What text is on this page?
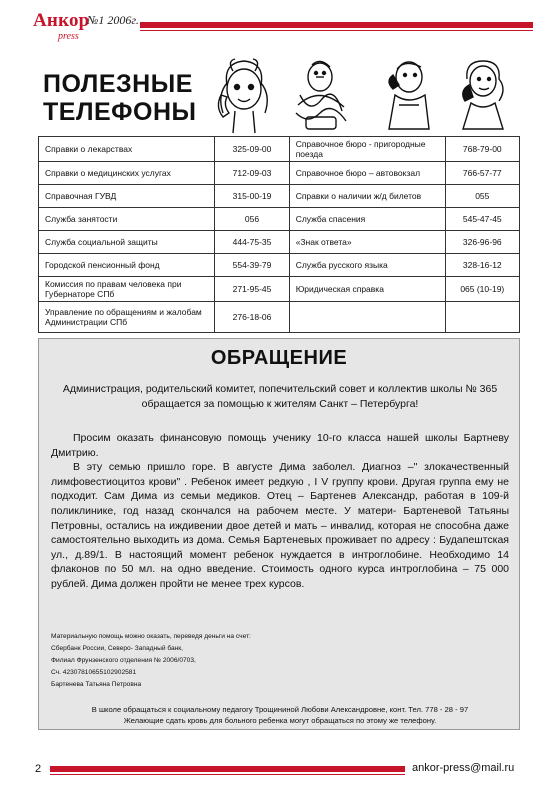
Анкор
press
№1 2006г.
ПОЛЕЗНЫЕ
ТЕЛЕФОНЫ
Справки о лекарствах	325-09-00	Справочное бюро - пригородные поезда	768-79-00
Справки о медицинских услугах	712-09-03	Справочное бюро – автовокзал	766-57-77
Справочная ГУВД	315-00-19	Справки о наличии ж/д билетов	055
Служба занятости	056	Служба спасения	545-47-45
Служба социальной защиты	444-75-35	«Знак ответа»	326-96-96
Городской пенсионный фонд	554-39-79	Служба русского языка	328-16-12
Комиссия по правам человека при Губернаторе СПб	271-95-45	Юридическая справка	065 (10-19)
Управление по обращениям и жалобам Администрации СПб	276-18-06		
ОБРАЩЕНИЕ
Администрация, родительский комитет, попечительский совет и коллектив школы № 365 обращается за помощью к жителям Санкт – Петербурга!

Просим оказать финансовую помощь ученику 10-го класса нашей школы Бартневу Дмитрию.

В эту семью пришло горе. В августе Дима заболел. Диагноз –" злокачественный лимфовестиоцитоз крови" . Ребенок имеет редкую , I V группу крови. Другая группа ему не подходит. Сам Дима из семьи медиков. Отец – Бартенев Александр, работая в 109-й поликлинике, год назад скончался на рабочем месте. У матери- Бартеневой Татьяны Петровны, остались на иждивении двое детей и мать – инвалид, которая не способна даже самостоятельно выходить из дома. Семья Бартеневых проживает по адресу : Будапештская ул., д.89/1. В настоящий момент ребенок нуждается в интроглобине. Необходимо 14 флаконов по 50 мл. на одно введение. Стоимость одного курса интроглобина – 75 000 рублей. Дима должен пройти не менее трех курсов.

Материальную помощь можно оказать, переведя деньги на счет:
Сбербанк России, Северо- Западный банк,
Филиал Фрунзенского отделения № 2006/0703,
Сч. 42307810655102902581
Бартенева Татьяна Петровна
В школе обращаться к социальному педагогу Трощининой Любови Александровне, конт. Тел. 778 - 28 - 97
Желающие сдать кровь для больного ребенка могут обращаться по этому же телефону.
2	ankor-press@mail.ru
